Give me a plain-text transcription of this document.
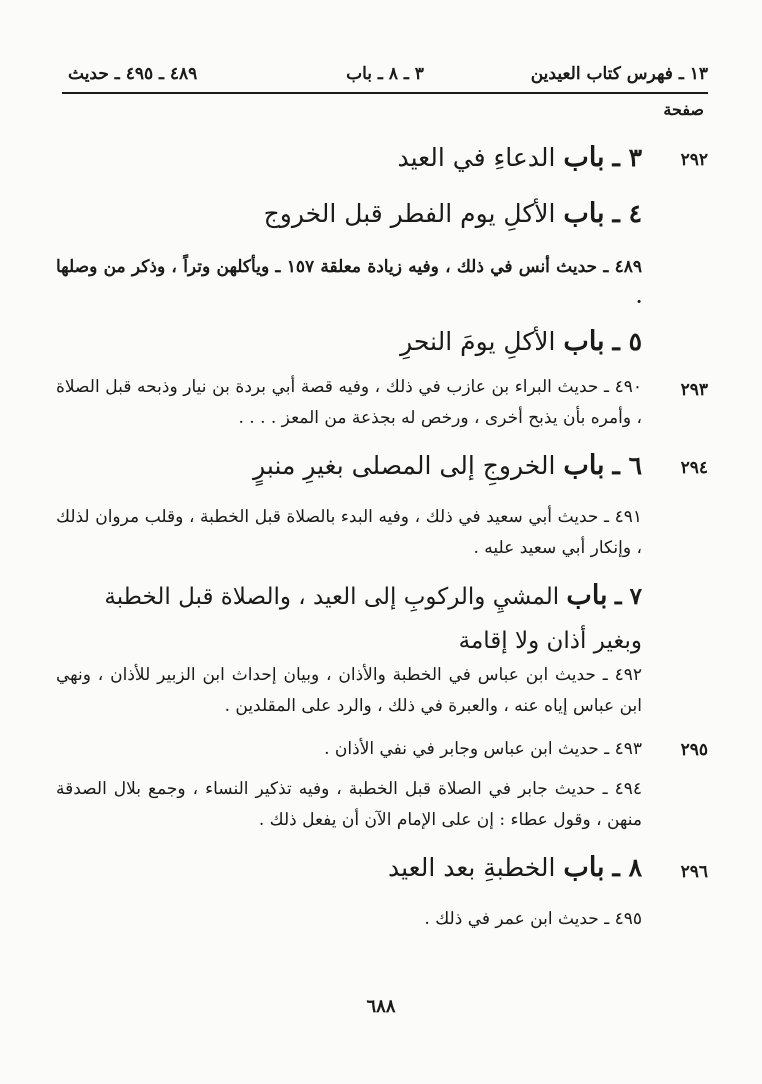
١٣ ـ فهرس كتاب العيدين
٣ ـ ٨ ـ باب
٤٨٩ ـ ٤٩٥ ـ حديث
صفحة
٢٩٢
٣ ـ باب الدعاءِ في العيد
٤ ـ باب الأكلِ يوم الفطر قبل الخروج
٤٨٩ ـ حديث أنس في ذلك ، وفيه زيادة معلقة ١٥٧ ـ ويأكلهن وتراً ، وذكر من وصلها .
٥ ـ باب الأكلِ يومَ النحرِ
٢٩٣
٤٩٠ ـ حديث البراء بن عازب في ذلك ، وفيه قصة أبي بردة بن نيار وذبحه قبل الصلاة ، وأمره بأن يذبح أخرى ، ورخص له بجذعة من المعز . . . .
٢٩٤
٦ ـ باب الخروجِ إلى المصلى بغيرِ منبرٍ
٤٩١ ـ حديث أبي سعيد في ذلك ، وفيه البدء بالصلاة قبل الخطبة ، وقلب مروان لذلك ، وإنكار أبي سعيد عليه .
٧ ـ باب المشيِ والركوبِ إلى العيد ، والصلاة قبل الخطبة وبغير أذان ولا إقامة
٤٩٢ ـ حديث ابن عباس في الخطبة والأذان ، وبيان إحداث ابن الزبير للأذان ، ونهي ابن عباس إياه عنه ، والعبرة في ذلك ، والرد على المقلدين .
٢٩٥
٤٩٣ ـ حديث ابن عباس وجابر في نفي الأذان .
٤٩٤ ـ حديث جابر في الصلاة قبل الخطبة ، وفيه تذكير النساء ، وجمع بلال الصدقة منهن ، وقول عطاء : إن على الإمام الآن أن يفعل ذلك .
٢٩٦
٨ ـ باب الخطبةِ بعد العيد
٤٩٥ ـ حديث ابن عمر في ذلك .
٦٨٨
